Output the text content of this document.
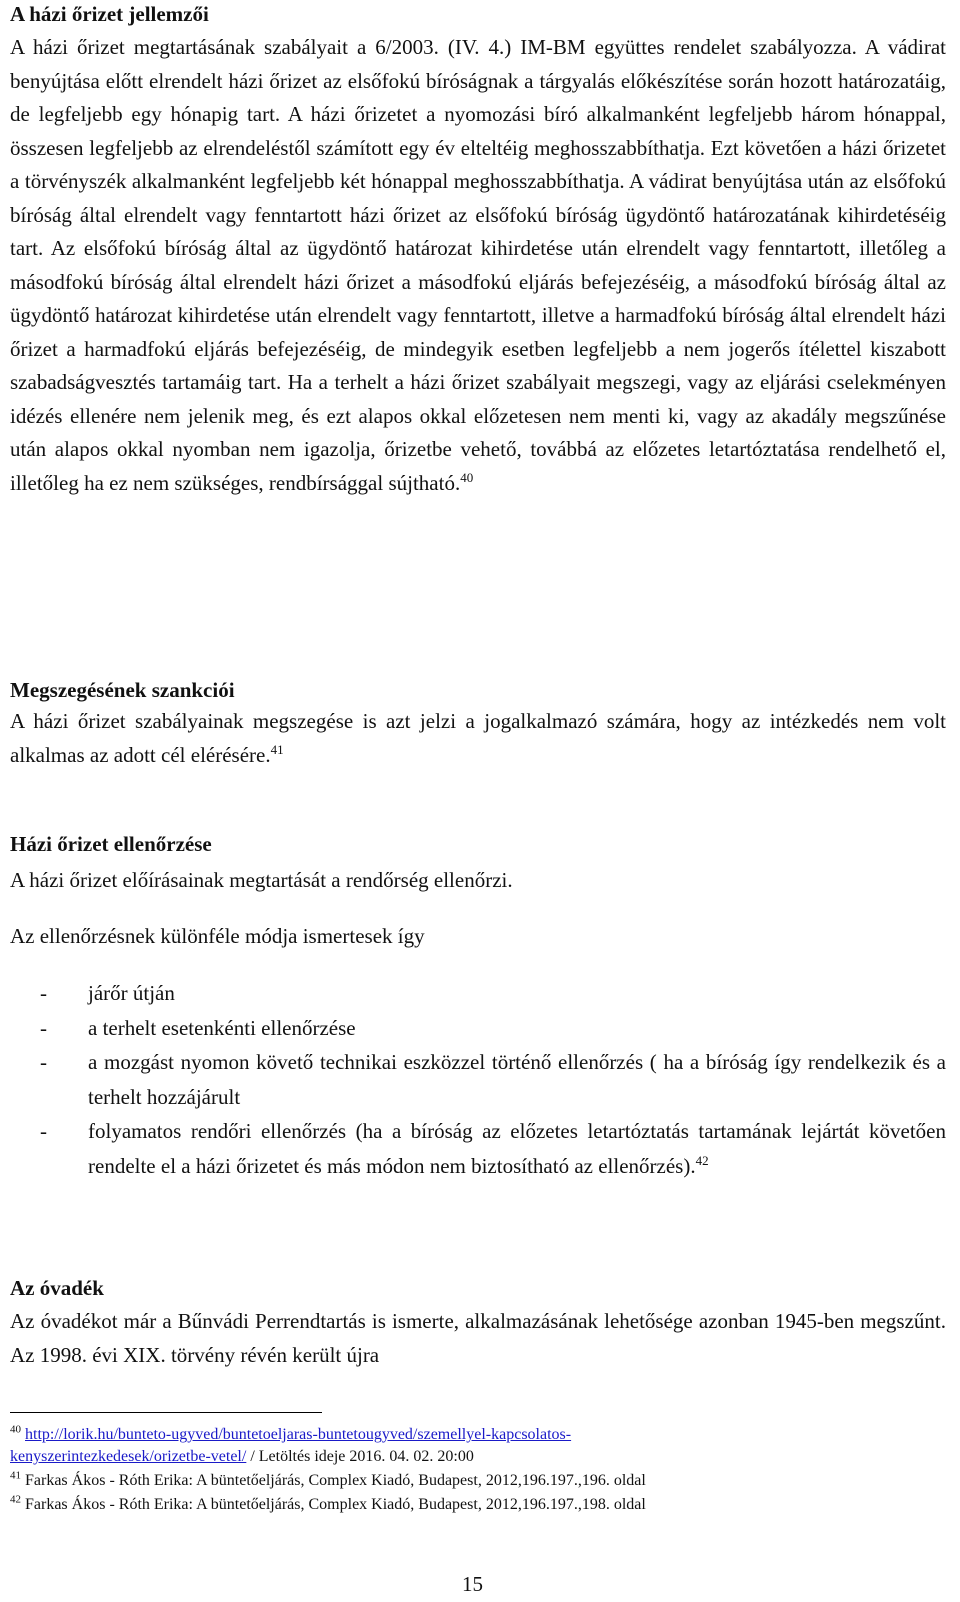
A házi őrizet jellemzői

A házi őrizet megtartásának szabályait a 6/2003. (IV. 4.) IM-BM együttes rendelet szabályozza. A vádirat benyújtása előtt elrendelt házi őrizet az elsőfokú bíróságnak a tárgyalás előkészítése során hozott határozatáig, de legfeljebb egy hónapig tart. A házi őrizetet a nyomozási bíró alkalmanként legfeljebb három hónappal, összesen legfeljebb az elrendeléstől számított egy év elteltéig meghosszabbíthatja. Ezt követően a házi őrizetet a törvényszék alkalmanként legfeljebb két hónappal meghosszabbíthatja. A vádirat benyújtása után az elsőfokú bíróság által elrendelt vagy fenntartott házi őrizet az elsőfokú bíróság ügydöntő határozatának kihirdetéséig tart. Az elsőfokú bíróság által az ügydöntő határozat kihirdetése után elrendelt vagy fenntartott, illetőleg a másodfokú bíróság által elrendelt házi őrizet a másodfokú eljárás befejezéséig, a másodfokú bíróság által az ügydöntő határozat kihirdetése után elrendelt vagy fenntartott, illetve a harmadfokú bíróság által elrendelt házi őrizet a harmadfokú eljárás befejezéséig, de mindegyik esetben legfeljebb a nem jogerős ítélettel kiszabott szabadságvesztés tartamáig tart. Ha a terhelt a házi őrizet szabályait megszegi, vagy az eljárási cselekményen idézés ellenére nem jelenik meg, és ezt alapos okkal előzetesen nem menti ki, vagy az akadály megszűnése után alapos okkal nyomban nem igazolja, őrizetbe vehető, továbbá az előzetes letartóztatása rendelhető el, illetőleg ha ez nem szükséges, rendbírsággal sújtható.$^{40}$

Megszegésének szankciói

A házi őrizet szabályainak megszegése is azt jelzi a jogalkalmazó számára, hogy az intézkedés nem volt alkalmas az adott cél elérésére.$^{41}$

Házi őrizet ellenőrzése

A házi őrizet előírásainak megtartását a rendőrség ellenőrzi.

Az ellenőrzésnek különféle módja ismertesek így

- járőr útján
- a terhelt esetenkénti ellenőrzése
- a mozgást nyomon követő technikai eszközzel történő ellenőrzés ( ha a bíróság így rendelkezik és a terhelt hozzájárult
- folyamatos rendőri ellenőrzés (ha a bíróság az előzetes letartóztatás tartamának lejártát követően rendelte el a házi őrizetet és más módon nem biztosítható az ellenőrzés).$^{42}$
Az óvadék

Az óvadékot már a Bűnvádi Perrendtartás is ismerte, alkalmazásának lehetősége azonban 1945-ben megszűnt. Az 1998. évi XIX. törvény révén került újra

$^{40}$ http://lorik.hu/bunteto-ugyved/buntetoeljaras-buntetougyved/szemellyel-kapcsolatos-

kenyszerintezkedesek/orizetbe-vetel/ / Letöltés ideje 2016. 04. 02. 20:00

$^{41}$ Farkas Ákos - Róth Erika: A büntetőeljárás, Complex Kiadó, Budapest, 2012,196.197.,196. oldal

$^{42}$ Farkas Ákos - Róth Erika: A büntetőeljárás, Complex Kiadó, Budapest, 2012,196.197.,198. oldal

15
